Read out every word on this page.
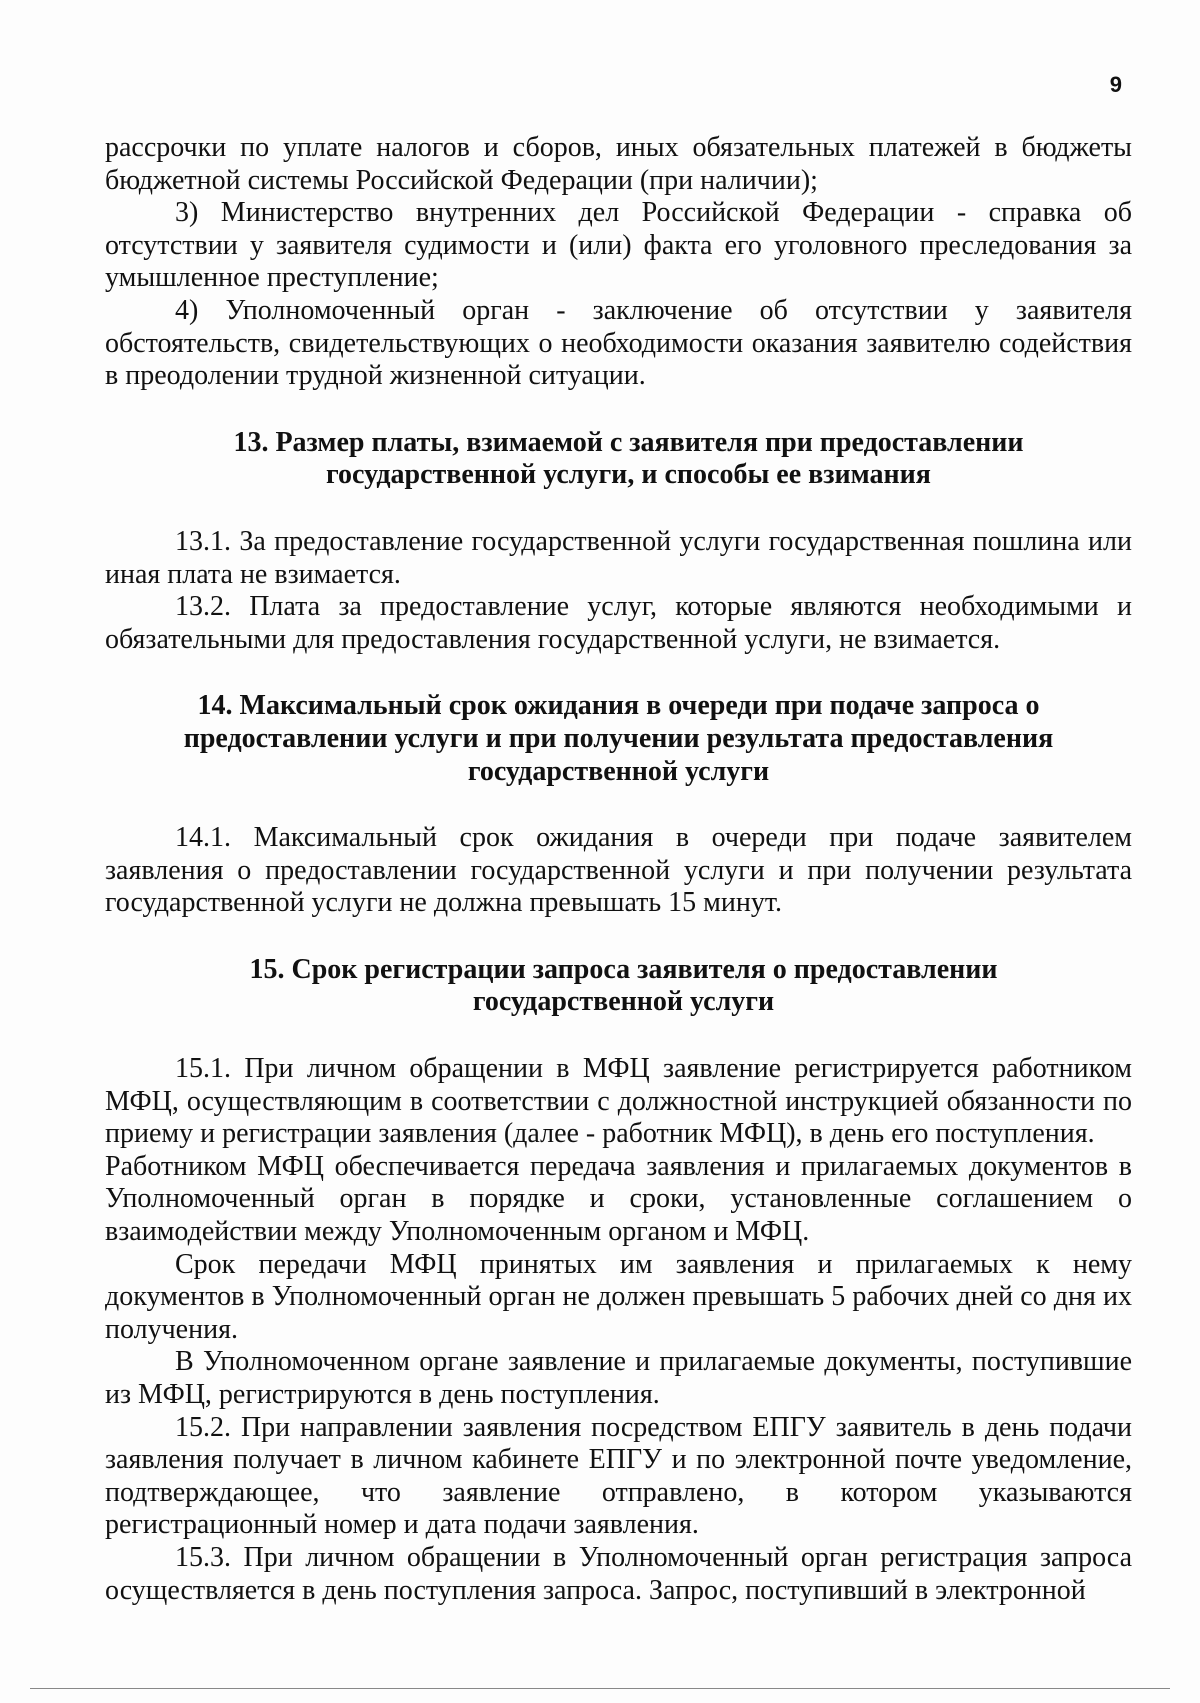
9

рассрочки по уплате налогов и сборов, иных обязательных платежей в бюджеты бюджетной системы Российской Федерации (при наличии);

3) Министерство внутренних дел Российской Федерации - справка об отсутствии у заявителя судимости и (или) факта его уголовного преследования за умышленное преступление;

4) Уполномоченный орган - заключение об отсутствии у заявителя обстоятельств, свидетельствующих о необходимости оказания заявителю содействия в преодолении трудной жизненной ситуации.

13. Размер платы, взимаемой с заявителя при предоставлении
государственной услуги, и способы ее взимания

13.1. За предоставление государственной услуги государственная пошлина или иная плата не взимается.

13.2. Плата за предоставление услуг, которые являются необходимыми и обязательными для предоставления государственной услуги, не взимается.

14. Максимальный срок ожидания в очереди при подаче запроса о
предоставлении услуги и при получении результата предоставления
государственной услуги

14.1. Максимальный срок ожидания в очереди при подаче заявителем заявления о предоставлении государственной услуги и при получении результата государственной услуги не должна превышать 15 минут.

15. Срок регистрации запроса заявителя о предоставлении
государственной услуги

15.1. При личном обращении в МФЦ заявление регистрируется работником МФЦ, осуществляющим в соответствии с должностной инструкцией обязанности по приему и регистрации заявления (далее - работник МФЦ), в день его поступления.

Работником МФЦ обеспечивается передача заявления и прилагаемых документов в Уполномоченный орган в порядке и сроки, установленные соглашением о взаимодействии между Уполномоченным органом и МФЦ.

Срок передачи МФЦ принятых им заявления и прилагаемых к нему документов в Уполномоченный орган не должен превышать 5 рабочих дней со дня их получения.

В Уполномоченном органе заявление и прилагаемые документы, поступившие из МФЦ, регистрируются в день поступления.

15.2. При направлении заявления посредством ЕПГУ заявитель в день подачи заявления получает в личном кабинете ЕПГУ и по электронной почте уведомление, подтверждающее, что заявление отправлено, в котором указываются регистрационный номер и дата подачи заявления.

15.3. При личном обращении в Уполномоченный орган регистрация запроса осуществляется в день поступления запроса. Запрос, поступивший в электронной
